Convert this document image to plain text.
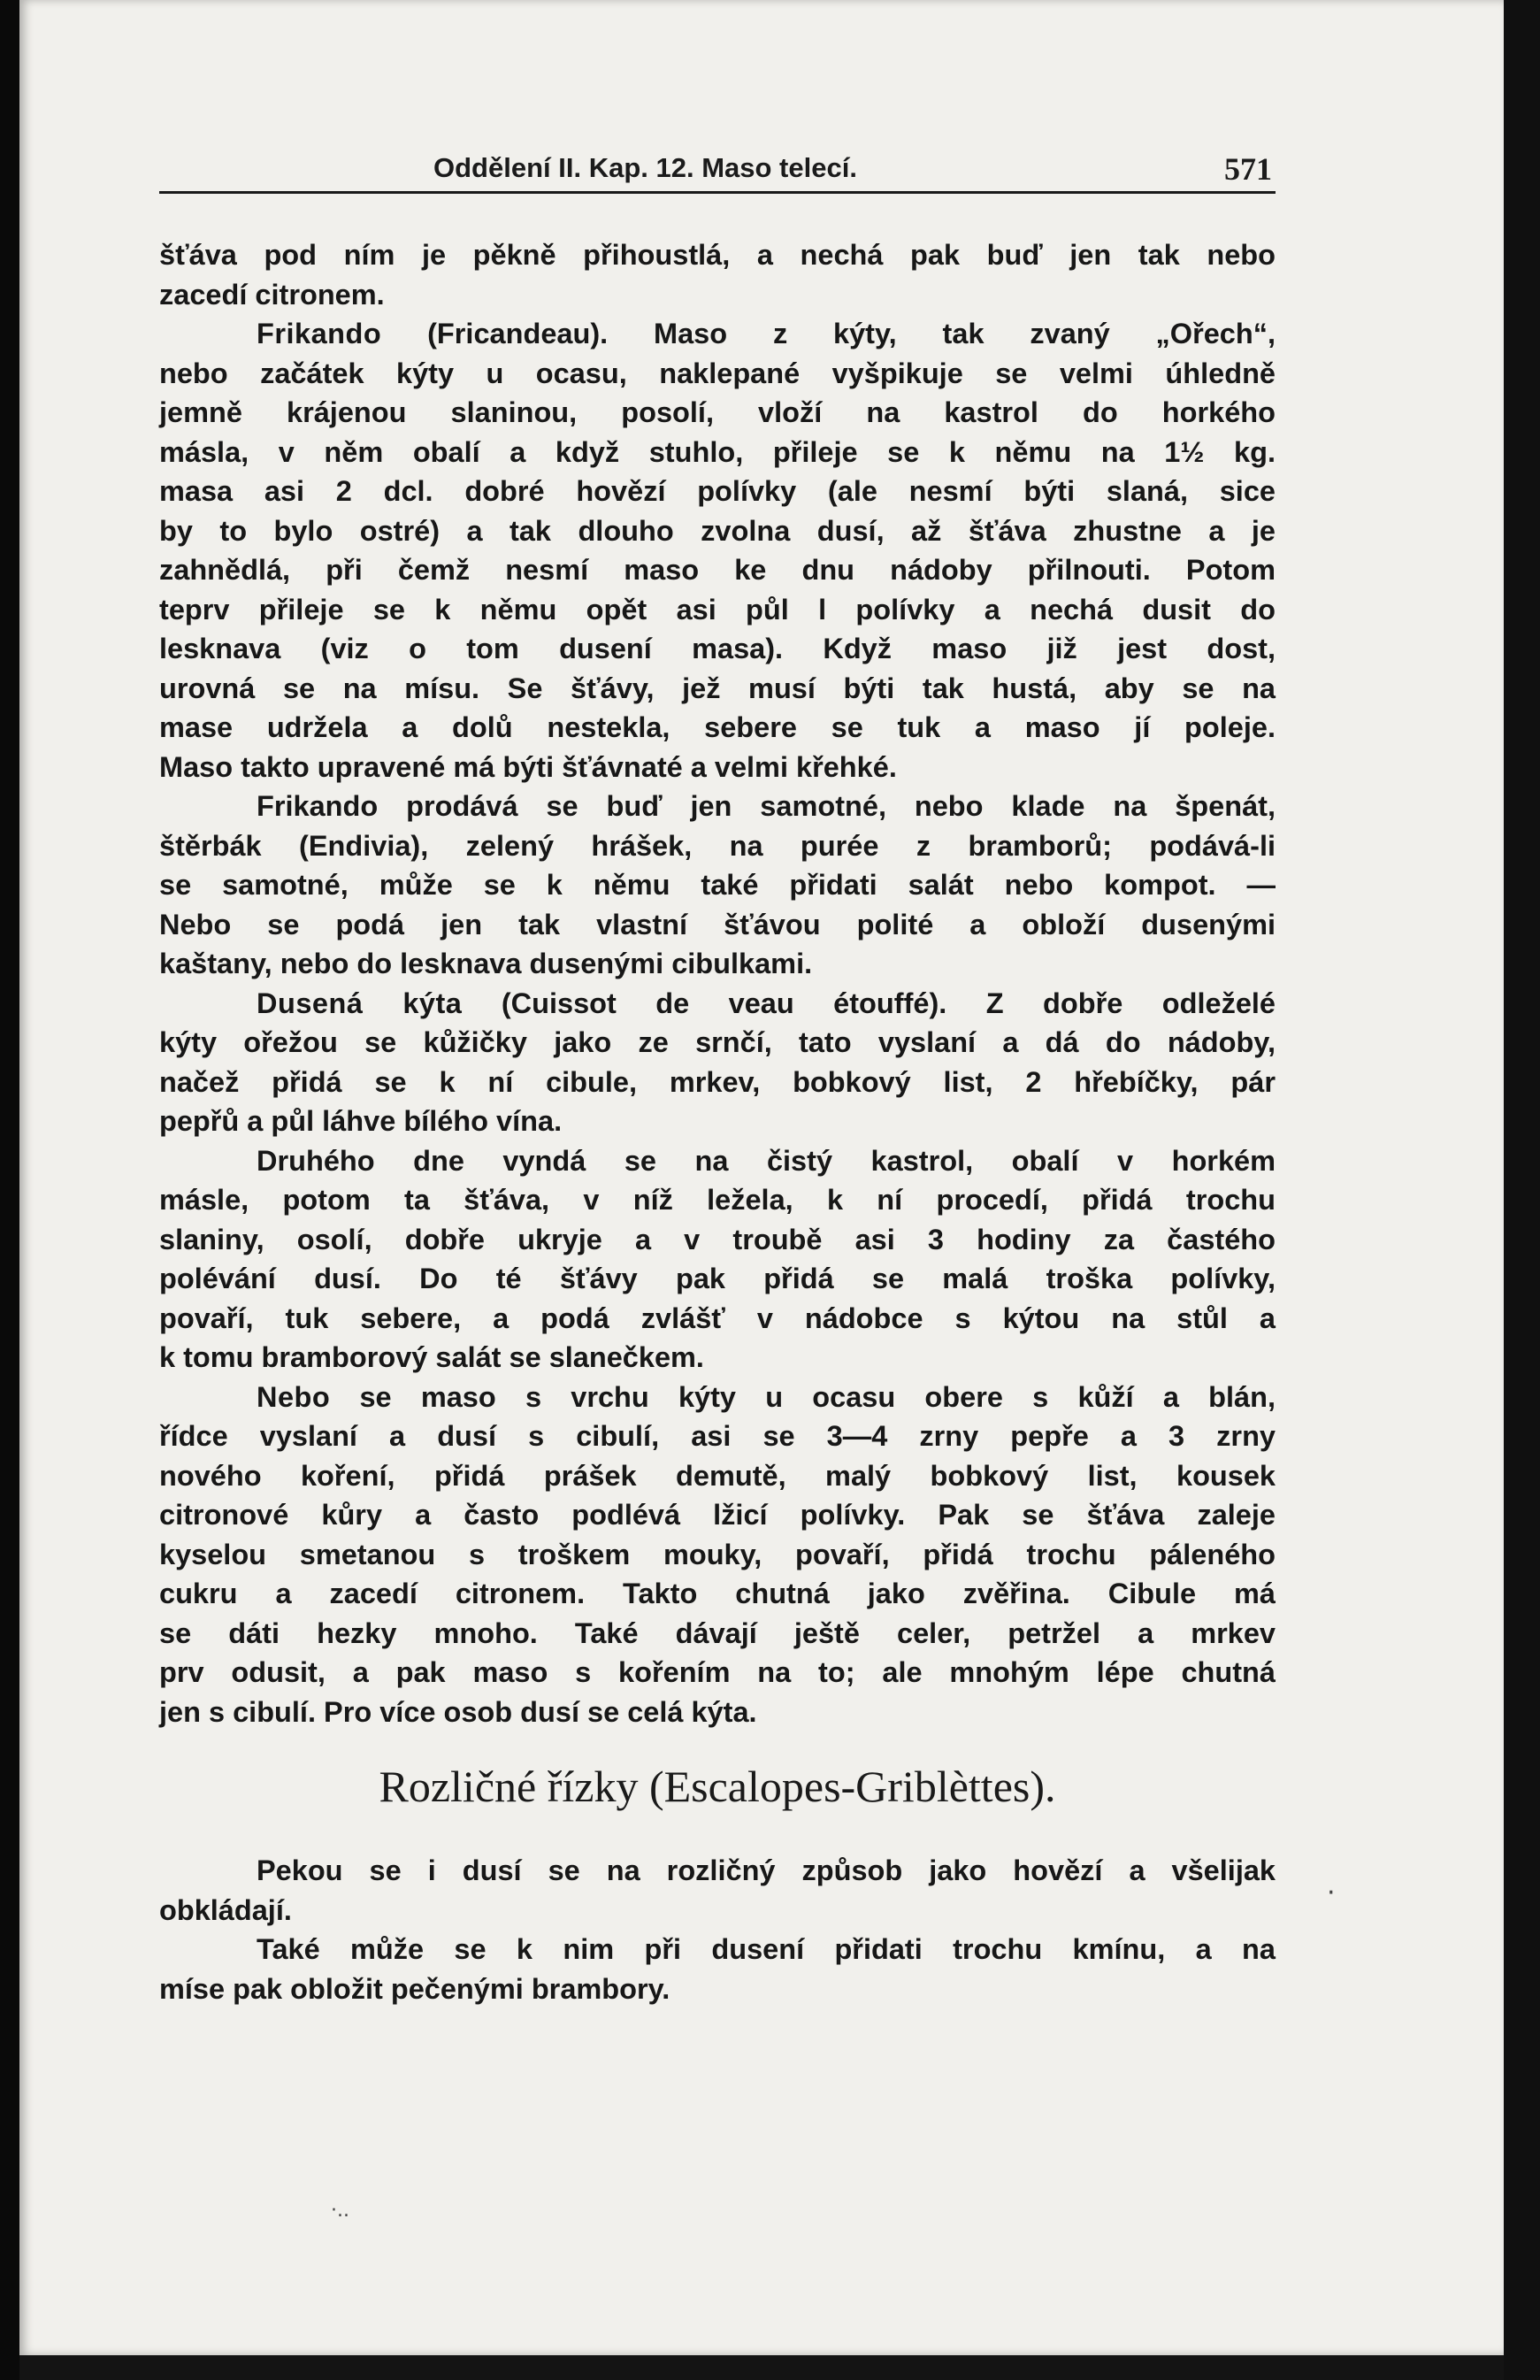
Oddělení II. Kap. 12. Maso telecí.	571
šťáva pod ním je pěkně přihoustlá, a nechá pak buď jen tak nebo
zacedí citronem.
Frikando (Fricandeau). Maso z kýty, tak zvaný „Ořech“,
nebo začátek kýty u ocasu, naklepané vyšpikuje se velmi úhledně
jemně krájenou slaninou, posolí, vloží na kastrol do horkého
másla, v něm obalí a když stuhlo, přileje se k němu na 1½ kg.
masa asi 2 dcl. dobré hovězí polívky (ale nesmí býti slaná, sice
by to bylo ostré) a tak dlouho zvolna dusí, až šťáva zhustne a je
zahnědlá, při čemž nesmí maso ke dnu nádoby přilnouti. Potom
teprv přileje se k němu opět asi půl l polívky a nechá dusit do
lesknava (viz o tom dusení masa). Když maso již jest dost,
urovná se na mísu. Se šťávy, jež musí býti tak hustá, aby se na
mase udržela a dolů nestekla, sebere se tuk a maso jí poleje.
Maso takto upravené má býti šťávnaté a velmi křehké.
Frikando prodává se buď jen samotné, nebo klade na špenát,
štěrbák (Endivia), zelený hrášek, na purée z bramborů; podává-li
se samotné, může se k němu také přidati salát nebo kompot. —
Nebo se podá jen tak vlastní šťávou polité a obloží dusenými
kaštany, nebo do lesknava dusenými cibulkami.
Dusená kýta (Cuissot de veau étouffé). Z dobře odleželé
kýty ořežou se kůžičky jako ze srnčí, tato vyslaní a dá do nádoby,
načež přidá se k ní cibule, mrkev, bobkový list, 2 hřebíčky, pár
pepřů a půl láhve bílého vína.
Druhého dne vyndá se na čistý kastrol, obalí v horkém
másle, potom ta šťáva, v níž ležela, k ní procedí, přidá trochu
slaniny, osolí, dobře ukryje a v troubě asi 3 hodiny za častého
polévání dusí. Do té šťávy pak přidá se malá troška polívky,
povaří, tuk sebere, a podá zvlášť v nádobce s kýtou na stůl a
k tomu bramborový salát se slanečkem.
Nebo se maso s vrchu kýty u ocasu obere s kůží a blán,
řídce vyslaní a dusí s cibulí, asi se 3—4 zrny pepře a 3 zrny
nového koření, přidá prášek demutě, malý bobkový list, kousek
citronové kůry a často podlévá lžicí polívky. Pak se šťáva zaleje
kyselou smetanou s troškem mouky, povaří, přidá trochu páleného
cukru a zacedí citronem. Takto chutná jako zvěřina. Cibule má
se dáti hezky mnoho. Také dávají ještě celer, petržel a mrkev
prv odusit, a pak maso s kořením na to; ale mnohým lépe chutná
jen s cibulí. Pro více osob dusí se celá kýta.
Rozličné řízky (Escalopes-Griblèttes).
Pekou se i dusí se na rozličný způsob jako hovězí a všelijak
obkládají.
Také může se k nim při dusení přidati trochu kmínu, a na
míse pak obložit pečenými brambory.
·..
·
